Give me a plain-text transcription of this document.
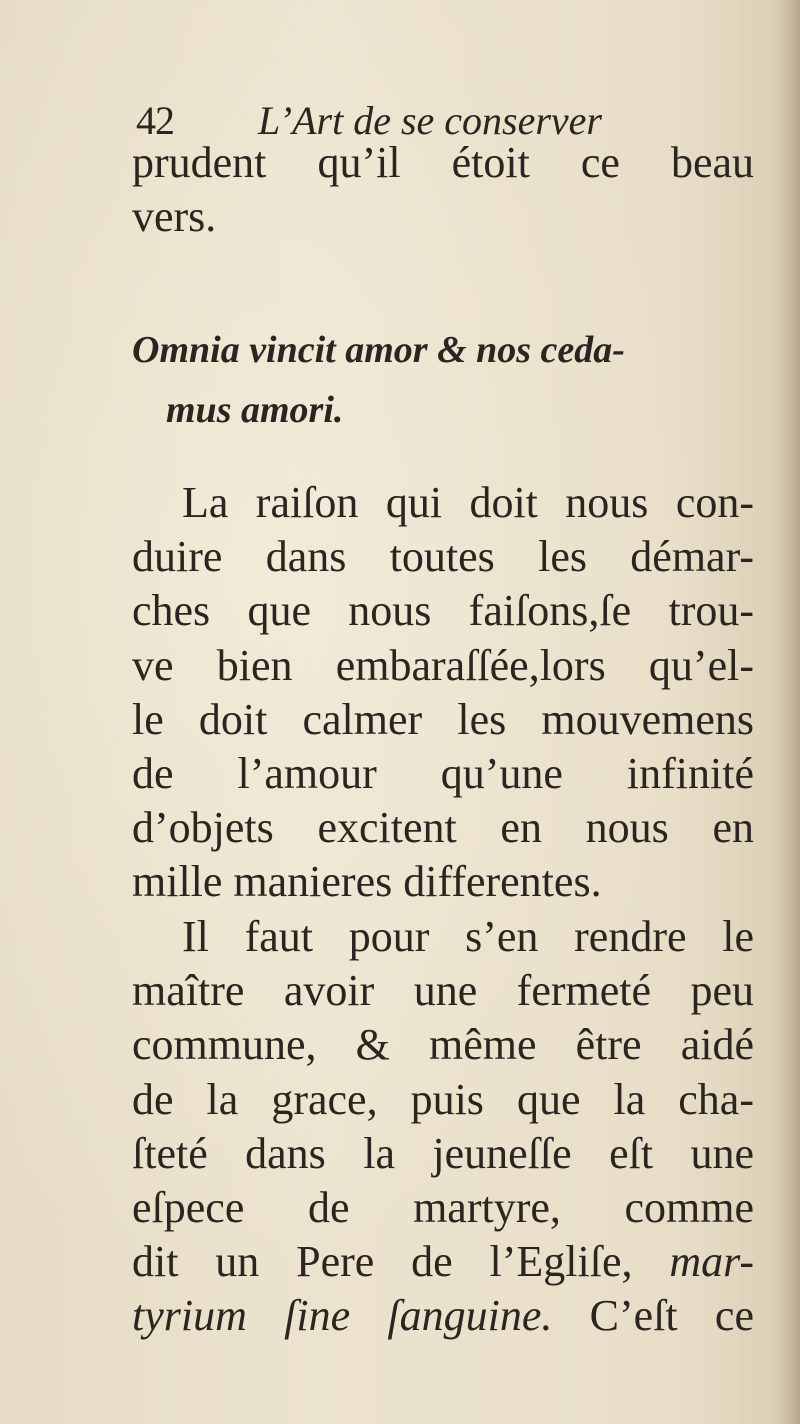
42 L’Art de se conserver
prudent qu’il étoit ce beau
vers.
Omnia vincit amor & nos ceda-
mus amori.
La raiſon qui doit nous con-
duire dans toutes les démar-
ches que nous faiſons,ſe trou-
ve bien embaraſſée,lors qu’el-
le doit calmer les mouvemens
de l’amour qu’une infinité
d’objets excitent en nous en
mille manieres differentes.
Il faut pour s’en rendre le
maître avoir une fermeté peu
commune, & même être aidé
de la grace, puis que la cha-
ſteté dans la jeuneſſe eſt une
eſpece de martyre, comme
dit un Pere de l’Egliſe, mar-
tyrium ſine ſanguine. C’eſt ce
